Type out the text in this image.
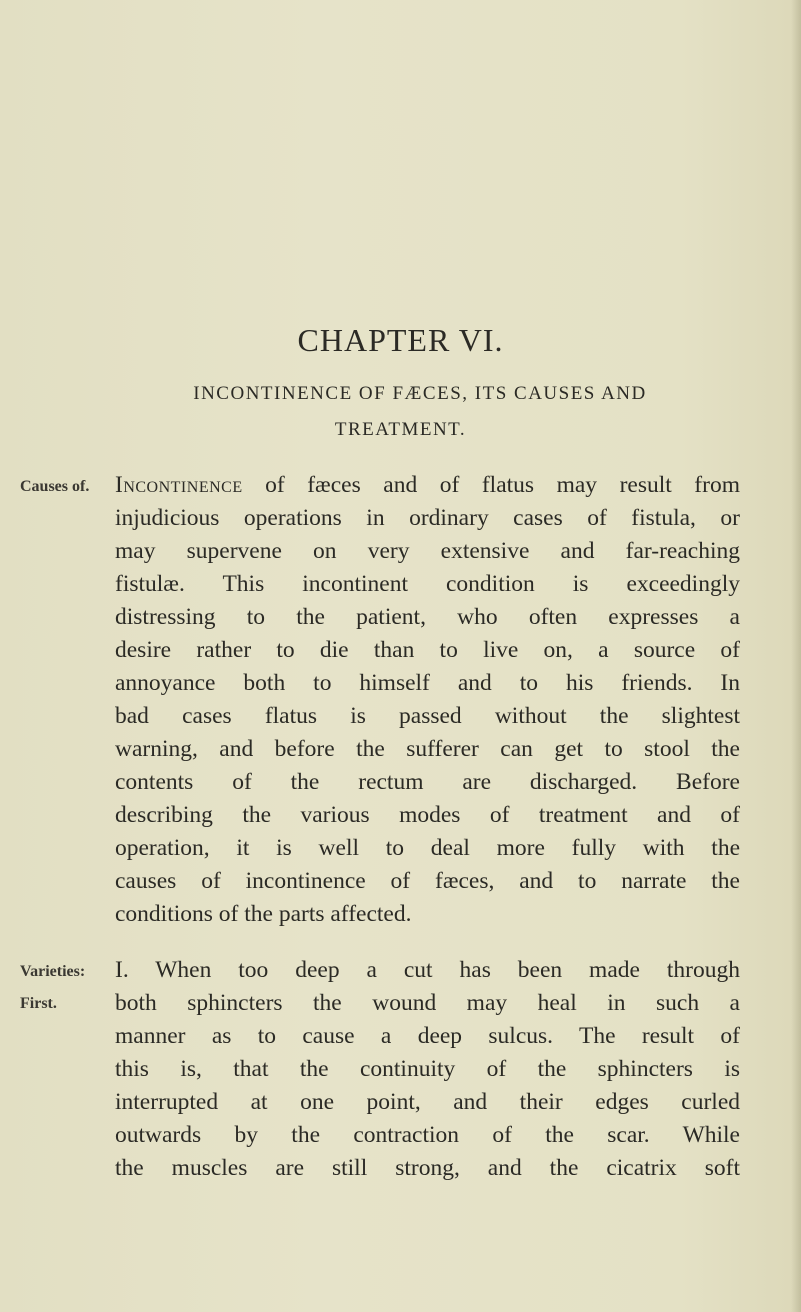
CHAPTER VI.
INCONTINENCE OF FÆCES, ITS CAUSES AND
TREATMENT.
Causes of.
Varieties:
First.
Incontinence of fæces and of flatus may result from
injudicious operations in ordinary cases of fistula, or
may supervene on very extensive and far-reaching
fistulæ. This incontinent condition is exceedingly
distressing to the patient, who often expresses a
desire rather to die than to live on, a source of
annoyance both to himself and to his friends. In
bad cases flatus is passed without the slightest
warning, and before the sufferer can get to stool the
contents of the rectum are discharged. Before
describing the various modes of treatment and of
operation, it is well to deal more fully with the
causes of incontinence of fæces, and to narrate the
conditions of the parts affected.
I. When too deep a cut has been made through
both sphincters the wound may heal in such a
manner as to cause a deep sulcus. The result of
this is, that the continuity of the sphincters is
interrupted at one point, and their edges curled
outwards by the contraction of the scar. While
the muscles are still strong, and the cicatrix soft
